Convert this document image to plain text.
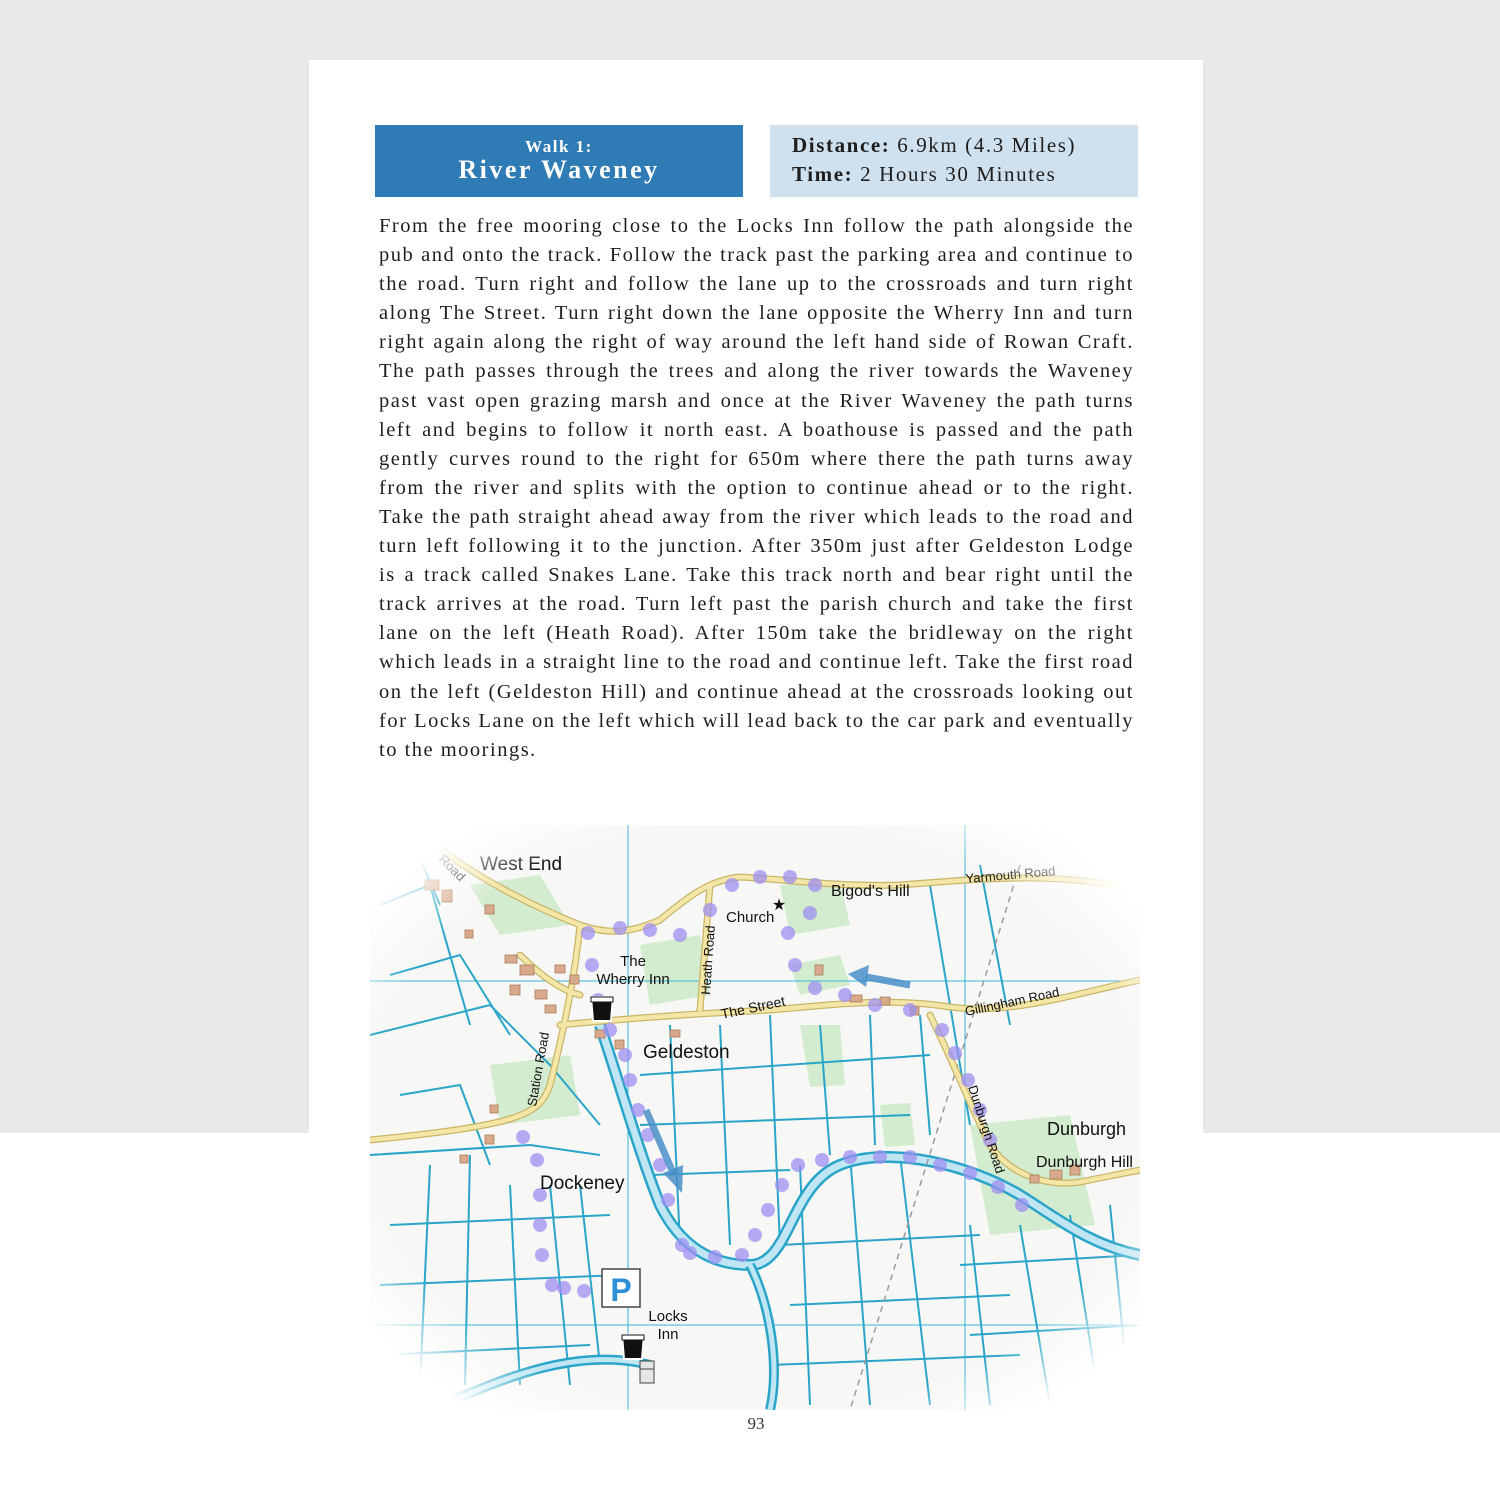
Walk 1:
River Waveney
Distance: 6.9km (4.3 Miles)
Time: 2 Hours 30 Minutes

From the free mooring close to the Locks Inn follow the path alongside the pub and onto the track. Follow the track past the parking area and continue to the road. Turn right and follow the lane up to the crossroads and turn right along The Street. Turn right down the lane opposite the Wherry Inn and turn right again along the right of way around the left hand side of Rowan Craft. The path passes through the trees and along the river towards the Waveney past vast open grazing marsh and once at the River Waveney the path turns left and begins to follow it north east. A boathouse is passed and the path gently curves round to the right for 650m where there the path turns away from the river and splits with the option to continue ahead or to the right. Take the path straight ahead away from the river which leads to the road and turn left following it to the junction. After 350m just after Geldeston Lodge is a track called Snakes Lane. Take this track north and bear right until the track arrives at the road. Turn left past the parish church and take the first lane on the left (Heath Road). After 150m take the bridleway on the right which leads in a straight line to the road and continue left. Take the first road on the left (Geldeston Hill) and continue ahead at the crossroads looking out for Locks Lane on the left which will lead back to the car park and eventually to the moorings.

93
